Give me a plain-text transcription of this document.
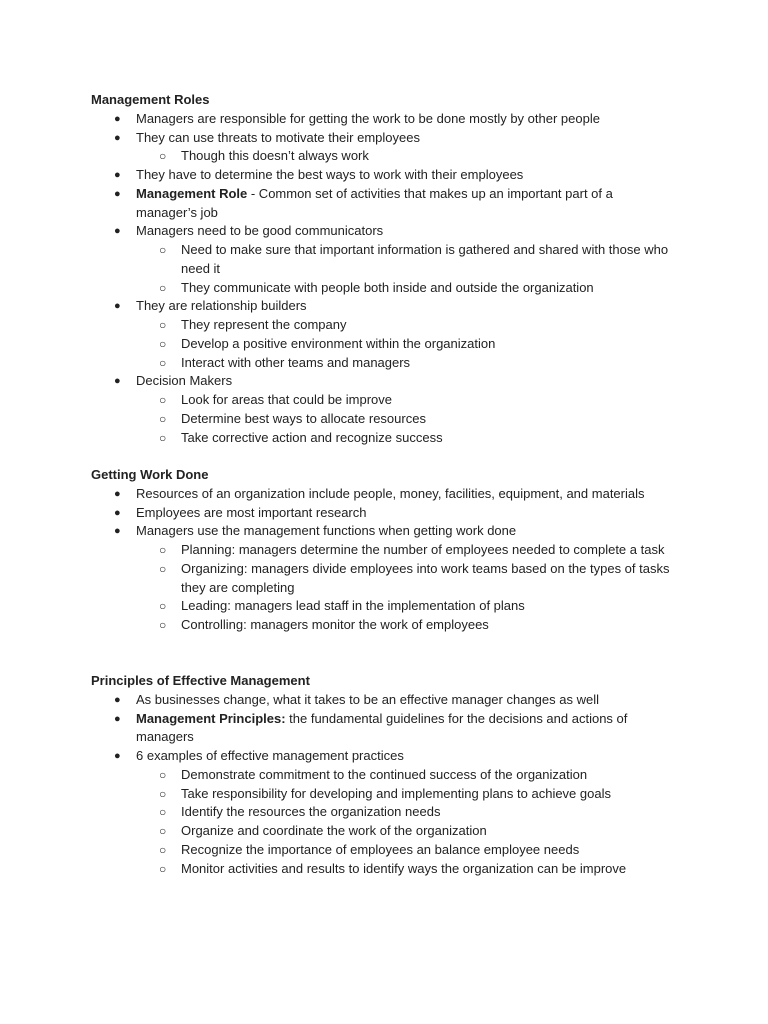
Management Roles
● Managers are responsible for getting the work to be done mostly by other people
● They can use threats to motivate their employees
○ Though this doesn’t always work
● They have to determine the best ways to work with their employees
● Management Role - Common set of activities that makes up an important part of a manager’s job
● Managers need to be good communicators
○ Need to make sure that important information is gathered and shared with those who need it
○ They communicate with people both inside and outside the organization
● They are relationship builders
○ They represent the company
○ Develop a positive environment within the organization
○ Interact with other teams and managers
● Decision Makers
○ Look for areas that could be improve
○ Determine best ways to allocate resources
○ Take corrective action and recognize success
Getting Work Done
● Resources of an organization include people, money, facilities, equipment, and materials
● Employees are most important research
● Managers use the management functions when getting work done
○ Planning: managers determine the number of employees needed to complete a task
○ Organizing: managers divide employees into work teams based on the types of tasks they are completing
○ Leading: managers lead staff in the implementation of plans
○ Controlling: managers monitor the work of employees
Principles of Effective Management
● As businesses change, what it takes to be an effective manager changes as well
● Management Principles: the fundamental guidelines for the decisions and actions of managers
● 6 examples of effective management practices
○ Demonstrate commitment to the continued success of the organization
○ Take responsibility for developing and implementing plans to achieve goals
○ Identify the resources the organization needs
○ Organize and coordinate the work of the organization
○ Recognize the importance of employees an balance employee needs
○ Monitor activities and results to identify ways the organization can be improve
